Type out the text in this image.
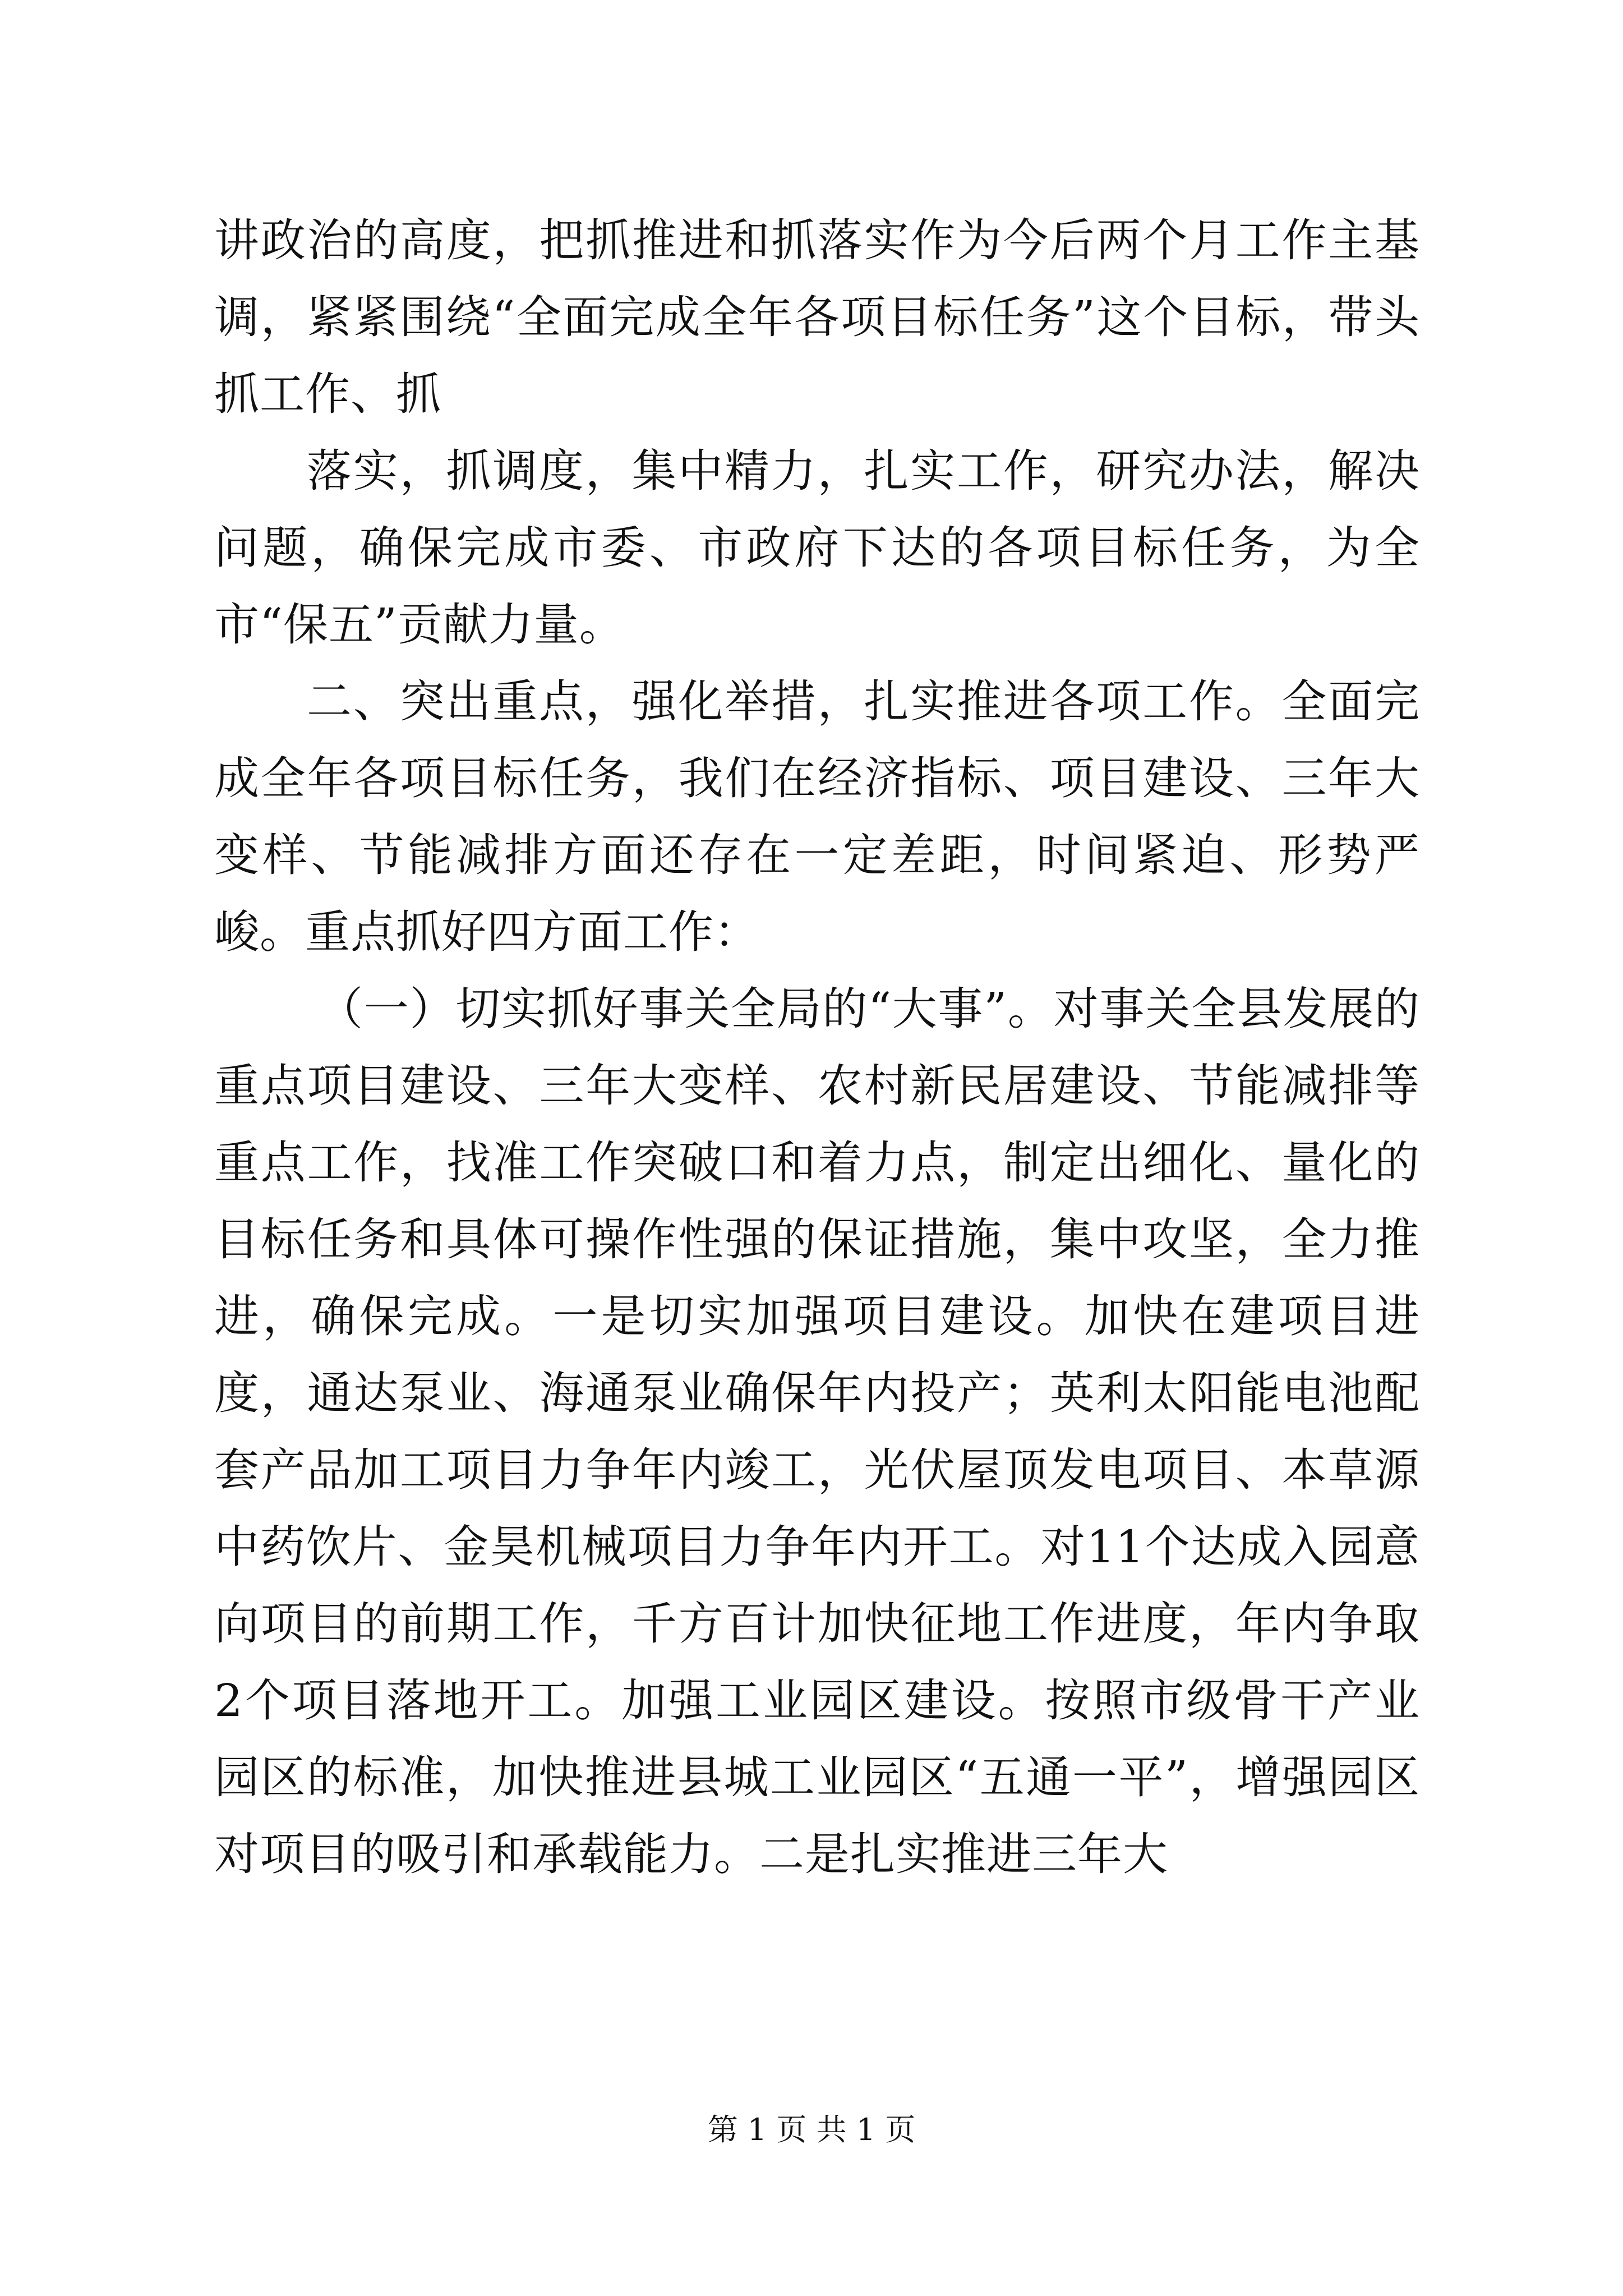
讲政治的高度，把抓推进和抓落实作为今后两个月工作主基调，紧紧围绕“全面完成全年各项目标任务”这个目标，带头抓工作、抓

落实，抓调度，集中精力，扎实工作，研究办法，解决问题，确保完成市委、市政府下达的各项目标任务，为全市“保五”贡献力量。

二、突出重点，强化举措，扎实推进各项工作。全面完成全年各项目标任务，我们在经济指标、项目建设、三年大变样、节能减排方面还存在一定差距，时间紧迫、形势严峻。重点抓好四方面工作：

（一）切实抓好事关全局的“大事”。对事关全县发展的重点项目建设、三年大变样、农村新民居建设、节能减排等重点工作，找准工作突破口和着力点，制定出细化、量化的目标任务和具体可操作性强的保证措施，集中攻坚，全力推进，确保完成。一是切实加强项目建设。加快在建项目进度，通达泵业、海通泵业确保年内投产；英利太阳能电池配套产品加工项目力争年内竣工，光伏屋顶发电项目、本草源中药饮片、金昊机械项目力争年内开工。对11个达成入园意向项目的前期工作，千方百计加快征地工作进度，年内争取2个项目落地开工。加强工业园区建设。按照市级骨干产业园区的标准，加快推进县城工业园区“五通一平”，增强园区对项目的吸引和承载能力。二是扎实推进三年大

第 1 页 共 1 页
